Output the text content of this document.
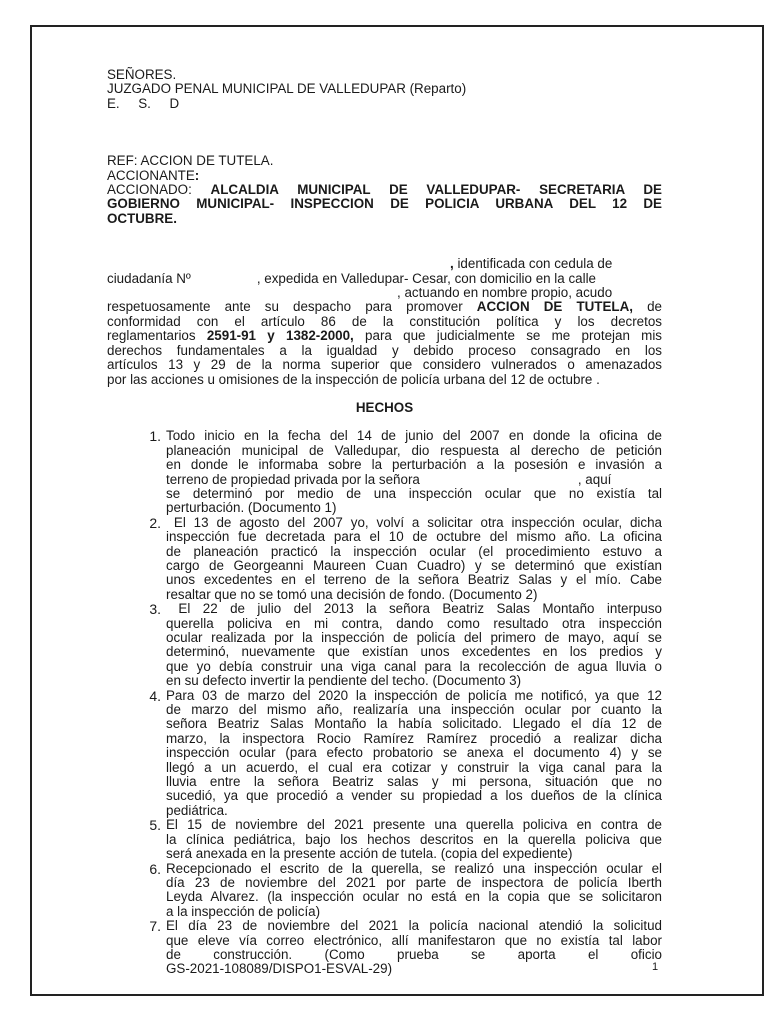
SEÑORES.
JUZGADO PENAL MUNICIPAL DE VALLEDUPAR (Reparto)
E.     S.     D
REF: ACCION DE TUTELA.
ACCIONANTE:
ACCIONADO: ALCALDIA MUNICIPAL DE VALLEDUPAR- SECRETARIA DE
GOBIERNO MUNICIPAL- INSPECCION DE POLICIA URBANA DEL 12 DE
OCTUBRE.
, identificada con cedula de
ciudadanía Nº	, expedida en Valledupar- Cesar, con domicilio en la calle
, actuando en nombre propio, acudo
respetuosamente ante su despacho para promover ACCION DE TUTELA, de
conformidad con el artículo 86 de la constitución política y los decretos
reglamentarios 2591-91 y 1382-2000, para que judicialmente se me protejan mis
derechos fundamentales a la igualdad y debido proceso consagrado en los
artículos 13 y 29 de la norma superior que considero vulnerados o amenazados
por las acciones u omisiones de la inspección de policía urbana del 12 de octubre .
HECHOS
1. Todo inicio en la fecha del 14 de junio del 2007 en donde la oficina de
planeación municipal de Valledupar, dio respuesta al derecho de petición
en donde le informaba sobre la perturbación a la posesión e invasión a
terreno de propiedad privada por la señora	, aquí
se determinó por medio de una inspección ocular que no existía tal
perturbación. (Documento 1)
2. El 13 de agosto del 2007 yo, volví a solicitar otra inspección ocular, dicha
inspección fue decretada para el 10 de octubre del mismo año. La oficina
de planeación practicó la inspección ocular (el procedimiento estuvo a
cargo de Georgeanni Maureen Cuan Cuadro) y se determinó que existían
unos excedentes en el terreno de la señora Beatriz Salas y el mío. Cabe
resaltar que no se tomó una decisión de fondo. (Documento 2)
3. El 22 de julio del 2013 la señora Beatriz Salas Montaño interpuso
querella policiva en mi contra, dando como resultado otra inspección
ocular realizada por la inspección de policía del primero de mayo, aquí se
determinó, nuevamente que existían unos excedentes en los predios y
que yo debía construir una viga canal para la recolección de agua lluvia o
en su defecto invertir la pendiente del techo. (Documento 3)
4. Para 03 de marzo del 2020 la inspección de policía me notificó, ya que 12
de marzo del mismo año, realizaría una inspección ocular por cuanto la
señora Beatriz Salas Montaño la había solicitado. Llegado el día 12 de
marzo, la inspectora Rocio Ramírez Ramírez procedió a realizar dicha
inspección ocular (para efecto probatorio se anexa el documento 4) y se
llegó a un acuerdo, el cual era cotizar y construir la viga canal para la
lluvia entre la señora Beatriz salas y mi persona, situación que no
sucedió, ya que procedió a vender su propiedad a los dueños de la clínica
pediátrica.
5. El 15 de noviembre del 2021 presente una querella policiva en contra de
la clínica pediátrica, bajo los hechos descritos en la querella policiva que
será anexada en la presente acción de tutela. (copia del expediente)
6. Recepcionado el escrito de la querella, se realizó una inspección ocular el
día 23 de noviembre del 2021 por parte de inspectora de policía Iberth
Leyda Alvarez. (la inspección ocular no está en la copia que se solicitaron
a la inspección de policía)
7. El día 23 de noviembre del 2021 la policía nacional atendió la solicitud
que eleve vía correo electrónico, allí manifestaron que no existía tal labor
de        construcción.        (Como        prueba        se        aporta        el        oficio
GS-2021-108089/DISPO1-ESVAL-29)	1
